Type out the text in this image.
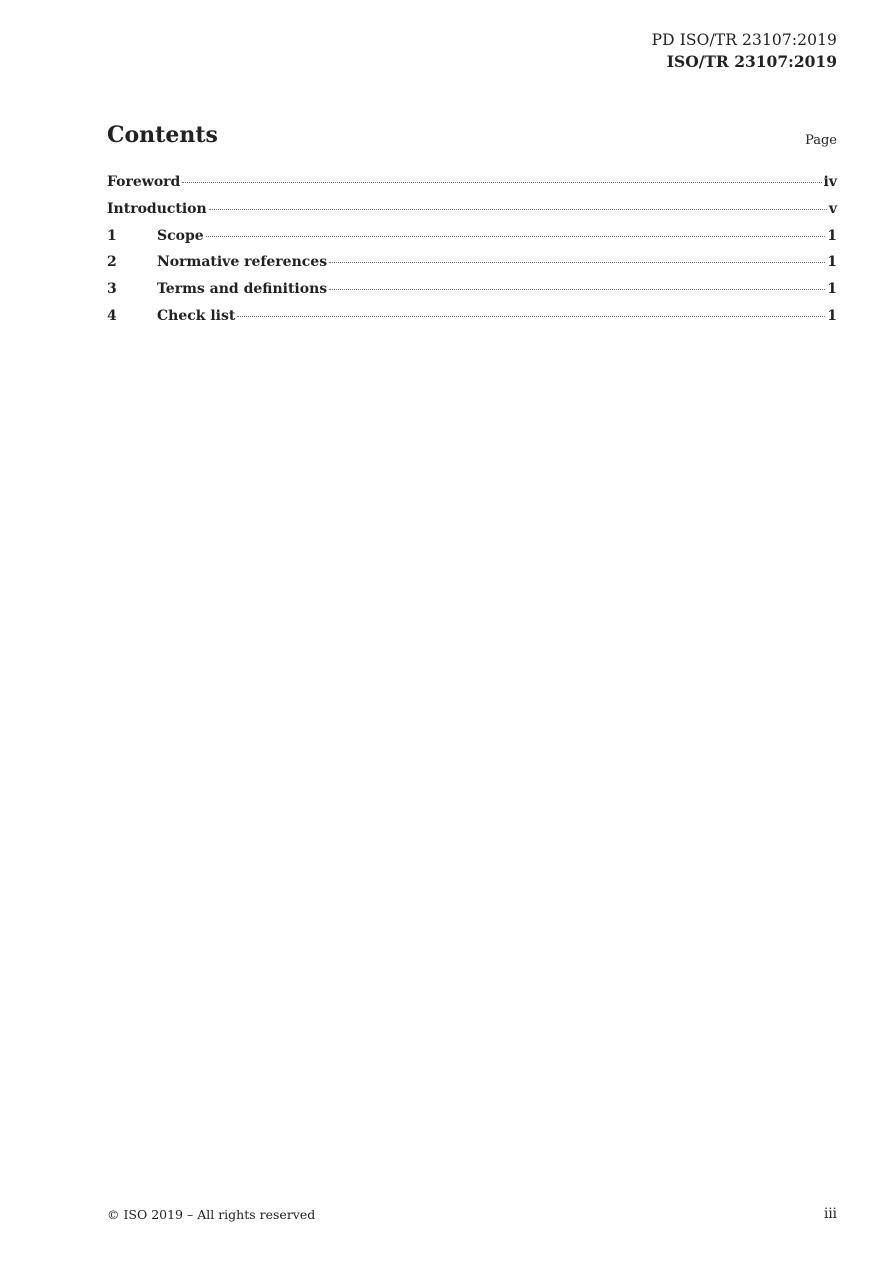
PD ISO/TR 23107:2019
ISO/TR 23107:2019
Contents	Page
Foreword	iv
Introduction	v
1	Scope	1
2	Normative references	1
3	Terms and definitions	1
4	Check list	1
© ISO 2019 – All rights reserved	iii
